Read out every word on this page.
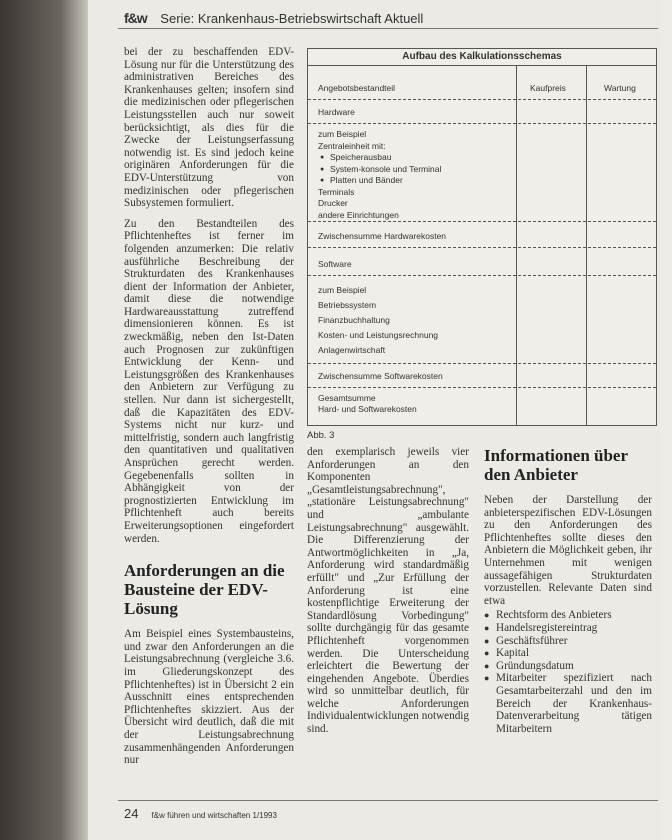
f&w Serie: Krankenhaus-Betriebswirtschaft Aktuell

bei der zu beschaffenden EDV-Lösung nur für die Unterstützung des administrativen Bereiches des Krankenhauses gelten; insofern sind die medizinischen oder pflegerischen Leistungsstellen auch nur soweit berücksichtigt, als dies für die Zwecke der Leistungserfassung notwendig ist. Es sind jedoch keine originären Anforderungen für die EDV-Unterstützung von medizinischen oder pflegerischen Subsystemen formuliert.

Zu den Bestandteilen des Pflichtenheftes ist ferner im folgenden anzumerken: Die relativ ausführliche Beschreibung der Strukturdaten des Krankenhauses dient der Information der Anbieter, damit diese die notwendige Hardwareausstattung zutreffend dimensionieren können. Es ist zweckmäßig, neben den Ist-Daten auch Prognosen zur zukünftigen Entwicklung der Kenn- und Leistungsgrößen des Krankenhauses den Anbietern zur Verfügung zu stellen. Nur dann ist sichergestellt, daß die Kapazitäten des EDV-Systems nicht nur kurz- und mittelfristig, sondern auch langfristig den quantitativen und qualitativen Ansprüchen gerecht werden. Gegebenenfalls sollten in Abhängigkeit von der prognostizierten Entwicklung im Pflichtenheft auch bereits Erweiterungsoptionen eingefordert werden.

Anforderungen an die Bausteine der EDV-Lösung

Am Beispiel eines Systembausteins, und zwar den Anforderungen an die Leistungsabrechnung (vergleiche 3.6. im Gliederungskonzept des Pflichtenheftes) ist in Übersicht 2 ein Ausschnitt eines entsprechenden Pflichtenheftes skizziert. Aus der Übersicht wird deutlich, daß die mit der Leistungsabrechnung zusammenhängenden Anforderungen nur

Aufbau des Kalkulationsschemas
Angebotsbestandteil	Kaufpreis	Wartung
Hardware
zum Beispiel
Zentraleinheit mit:
● Speicherausbau
● System-konsole und Terminal
● Platten und Bänder
Terminals
Drucker
andere Einrichtungen
Zwischensumme Hardwarekosten
Software
zum Beispiel
Betriebssystem
Finanzbuchhaltung
Kosten- und Leistungsrechnung
Anlagenwirtschaft
Zwischensumme Softwarekosten
Gesamtsumme
Hard- und Softwarekosten
Abb. 3

den exemplarisch jeweils vier Anforderungen an den Komponenten „Gesamtleistungsabrechnung", „stationäre Leistungsabrechnung" und „ambulante Leistungsabrechnung" ausgewählt. Die Differenzierung der Antwortmöglichkeiten in „Ja, Anforderung wird standardmäßig erfüllt" und „Zur Erfüllung der Anforderung ist eine kostenpflichtige Erweiterung der Standardlösung Vorbedingung" sollte durchgängig für das gesamte Pflichtenheft vorgenommen werden. Die Unterscheidung erleichtert die Bewertung der eingehenden Angebote. Überdies wird so unmittelbar deutlich, für welche Anforderungen Individualentwicklungen notwendig sind.

Informationen über den Anbieter

Neben der Darstellung der anbieterspezifischen EDV-Lösungen zu den Anforderungen des Pflichtenheftes sollte dieses den Anbietern die Möglichkeit geben, ihr Unternehmen mit wenigen aussagefähigen Strukturdaten vorzustellen. Relevante Daten sind etwa

● Rechtsform des Anbieters
● Handelsregistereintrag
● Geschäftsführer
● Kapital
● Gründungsdatum
● Mitarbeiter spezifiziert nach Gesamtarbeiterzahl und den im Bereich der Krankenhaus-Datenverarbeitung tätigen Mitarbeitern
24 f&w führen und wirtschaften 1/1993
